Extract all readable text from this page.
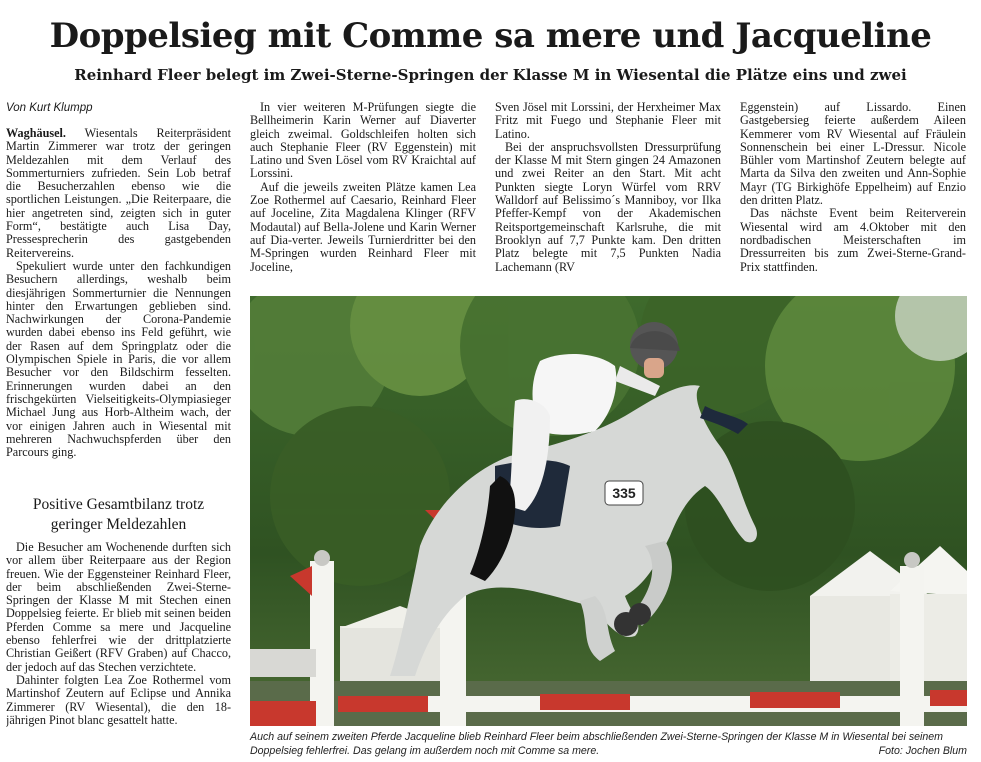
Doppelsieg mit Comme sa mere und Jacqueline
Reinhard Fleer belegt im Zwei-Sterne-Springen der Klasse M in Wiesental die Plätze eins und zwei
Von Kurt Klumpp

Waghäusel. Wiesentals Reiterpräsident Martin Zimmerer war trotz der geringen Meldezahlen mit dem Verlauf des Sommerturniers zufrieden. Sein Lob betraf die Besucherzahlen ebenso wie die sportlichen Leistungen. „Die Reiterpaare, die hier angetreten sind, zeigten sich in guter Form“, bestätigte auch Lisa Day, Pressesprecherin des gastgebenden Reitervereins.

Spekuliert wurde unter den fachkundigen Besuchern allerdings, weshalb beim diesjährigen Sommerturnier die Nennungen hinter den Erwartungen geblieben sind. Nachwirkungen der Corona-Pandemie wurden dabei ebenso ins Feld geführt, wie der Rasen auf dem Springplatz oder die Olympischen Spiele in Paris, die vor allem Besucher vor den Bildschirm fesselten. Erinnerungen wurden dabei an den frischgekürten Vielseitigkeits-Olympiasieger Michael Jung aus Horb-Altheim wach, der vor einigen Jahren auch in Wiesental mit mehreren Nachwuchspferden über den Parcours ging.

Positive Gesamtbilanz trotz geringer Meldezahlen

Die Besucher am Wochenende durften sich vor allem über Reiterpaare aus der Region freuen. Wie der Eggensteiner Reinhard Fleer, der beim abschließenden Zwei-Sterne-Springen der Klasse M mit Stechen einen Doppelsieg feierte. Er blieb mit seinen beiden Pferden Comme sa mere und Jacqueline ebenso fehlerfrei wie der drittplatzierte Christian Geißert (RFV Graben) auf Chacco, der jedoch auf das Stechen verzichtete.

Dahinter folgten Lea Zoe Rothermel vom Martinshof Zeutern auf Eclipse und Annika Zimmerer (RV Wiesental), die den 18-jährigen Pinot blanc gesattelt hatte.

In vier weiteren M-Prüfungen siegte die Bellheimerin Karin Werner auf Diaverter gleich zweimal. Goldschleifen holten sich auch Stephanie Fleer (RV Eggenstein) mit Latino und Sven Lösel vom RV Kraichtal auf Lorssini.

Auf die jeweils zweiten Plätze kamen Lea Zoe Rothermel auf Caesario, Reinhard Fleer auf Joceline, Zita Magdalena Klinger (RFV Modautal) auf Bella-Jolene und Karin Werner auf Dia-verter. Jeweils Turnierdritter bei den M-Springen wurden Reinhard Fleer mit Joceline,

Sven Jösel mit Lorssini, der Herxheimer Max Fritz mit Fuego und Stephanie Fleer mit Latino.

Bei der anspruchsvollsten Dressurprüfung der Klasse M mit Stern gingen 24 Amazonen und zwei Reiter an den Start. Mit acht Punkten siegte Loryn Würfel vom RRV Walldorf auf Belissimo´s Manniboy, vor Ilka Pfeffer-Kempf von der Akademischen Reitsportgemeinschaft Karlsruhe, die mit Brooklyn auf 7,7 Punkte kam. Den dritten Platz belegte mit 7,5 Punkten Nadia Lachemann (RV

Eggenstein) auf Lissardo. Einen Gastgebersieg feierte außerdem Aileen Kemmerer vom RV Wiesental auf Fräulein Sonnenschein bei einer L-Dressur. Nicole Bühler vom Martinshof Zeutern belegte auf Marta da Silva den zweiten und Ann-Sophie Mayr (TG Birkighöfe Eppelheim) auf Enzio den dritten Platz.

Das nächste Event beim Reiterverein Wiesental wird am 4.Oktober mit den nordbadischen Meisterschaften im Dressurreiten bis zum Zwei-Sterne-Grand-Prix stattfinden.

335
Auch auf seinem zweiten Pferde Jacqueline blieb Reinhard Fleer beim abschließenden Zwei-Sterne-Springen der Klasse M in Wiesental bei seinem Doppelsieg fehlerfrei. Das gelang im außerdem noch mit Comme sa mere.	Foto: Jochen Blum
